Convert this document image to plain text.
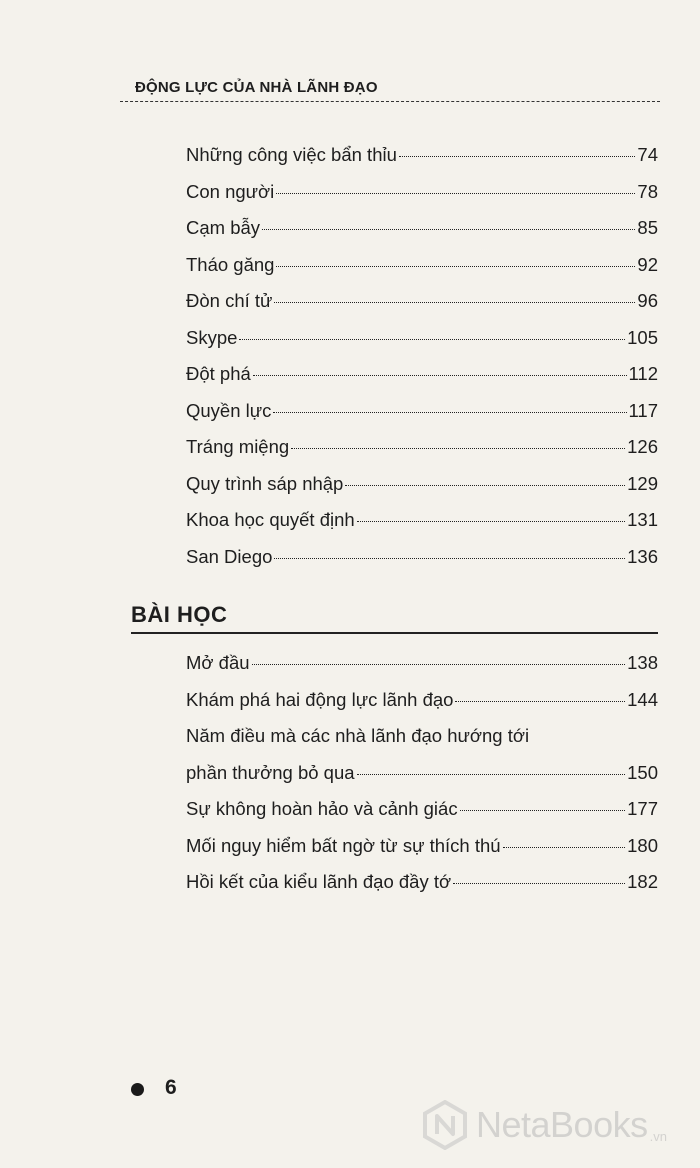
ĐỘNG LỰC CỦA NHÀ LÃNH ĐẠO
Những công việc bẩn thỉu	74
Con người	78
Cạm bẫy	85
Tháo găng	92
Đòn chí tử	96
Skype	105
Đột phá	112
Quyền lực	117
Tráng miệng	126
Quy trình sáp nhập	129
Khoa học quyết định	131
San Diego	136
BÀI HỌC
Mở đầu	138
Khám phá hai động lực lãnh đạo	144
Năm điều mà các nhà lãnh đạo hướng tới
phần thưởng bỏ qua	150
Sự không hoàn hảo và cảnh giác	177
Mối nguy hiểm bất ngờ từ sự thích thú	180
Hồi kết của kiểu lãnh đạo đầy tớ	182
6
NetaBooks .vn
